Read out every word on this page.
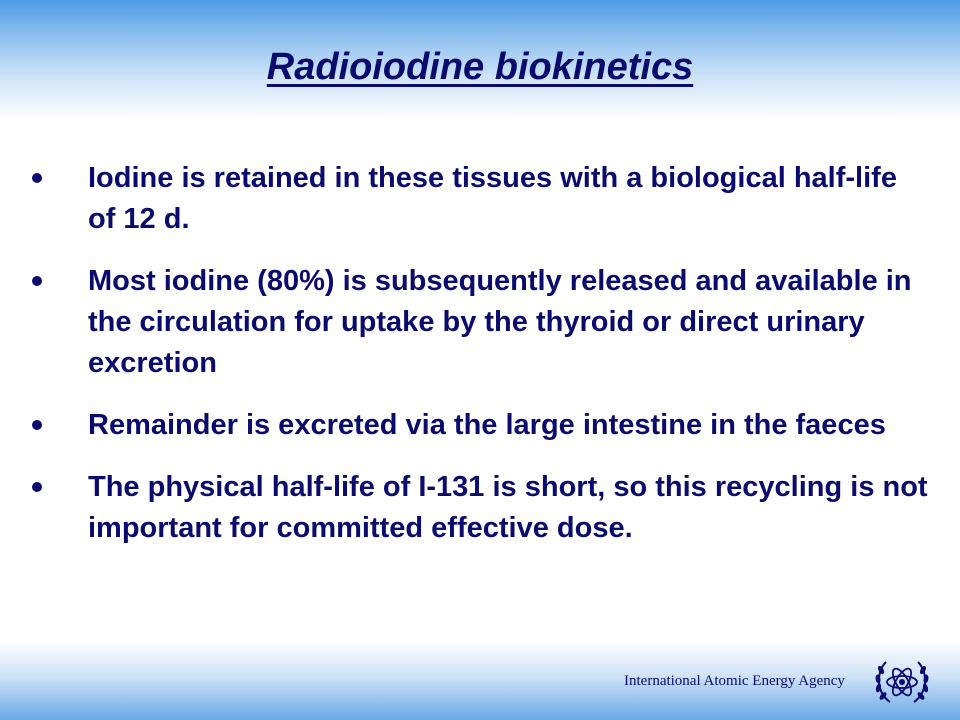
Radioiodine biokinetics
Iodine is retained in these tissues with a biological half-life of 12 d.
Most iodine (80%) is subsequently released and available in the circulation for uptake by the thyroid or direct urinary excretion
Remainder is excreted via the large intestine in the faeces
The physical half-life of I-131 is short, so this recycling is not important for committed effective dose.
International Atomic Energy Agency
